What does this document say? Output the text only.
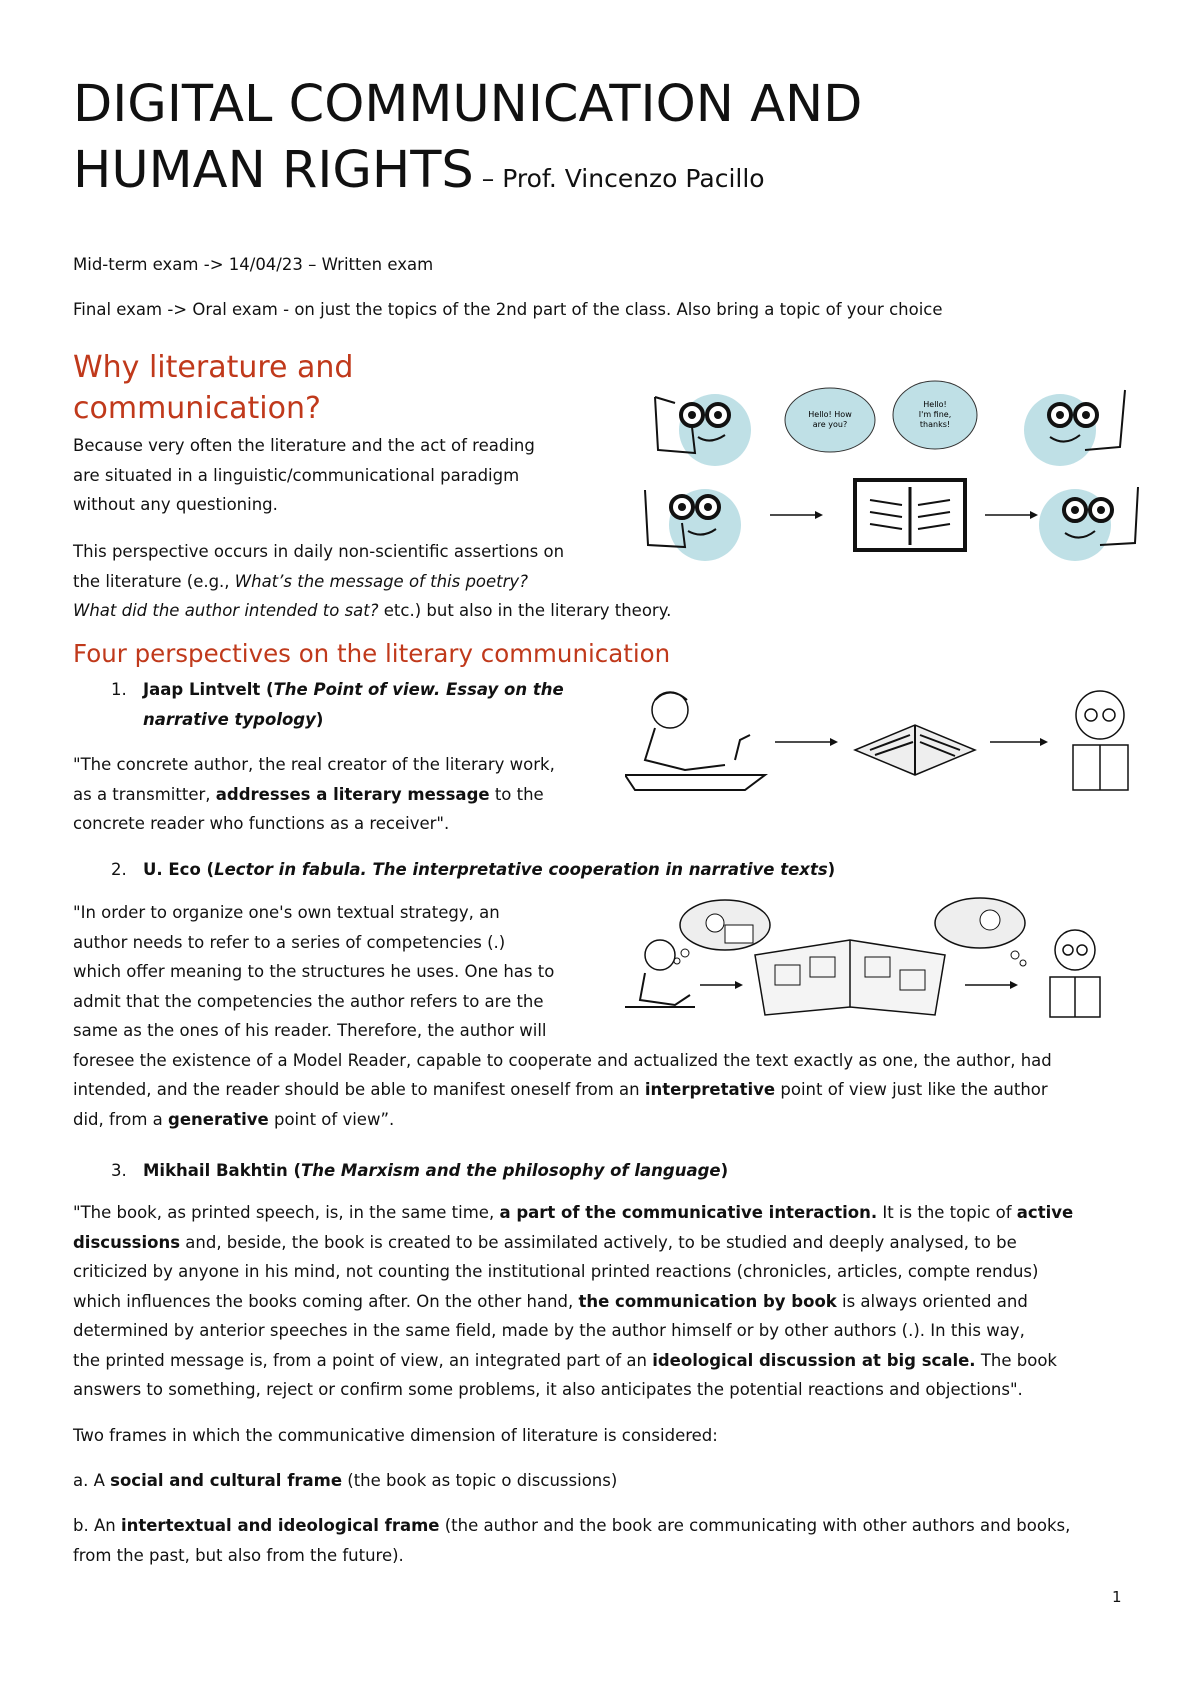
DIGITAL COMMUNICATION AND
HUMAN RIGHTS – Prof. Vincenzo Pacillo
Mid-term exam -> 14/04/23 – Written exam
Final exam -> Oral exam - on just the topics of the 2nd part of the class. Also bring a topic of your choice
Why literature and
communication?
Because very often the literature and the act of reading
are situated in a linguistic/communicational paradigm
without any questioning.
This perspective occurs in daily non-scientific assertions on
the literature (e.g., What’s the message of this poetry?
What did the author intended to sat? etc.) but also in the literary theory.
Hello! How
are you?
Hello!
I'm fine,
thanks!
Four perspectives on the literary communication
1. Jaap Lintvelt (The Point of view. Essay on the
narrative typology)
"The concrete author, the real creator of the literary work,
as a transmitter, addresses a literary message to the
concrete reader who functions as a receiver".
2. U. Eco (Lector in fabula. The interpretative cooperation in narrative texts)
"In order to organize one's own textual strategy, an
author needs to refer to a series of competencies (.)
which offer meaning to the structures he uses. One has to
admit that the competencies the author refers to are the
same as the ones of his reader. Therefore, the author will
foresee the existence of a Model Reader, capable to cooperate and actualized the text exactly as one, the author, had
intended, and the reader should be able to manifest oneself from an interpretative point of view just like the author
did, from a generative point of view”.
3. Mikhail Bakhtin (The Marxism and the philosophy of language)
"The book, as printed speech, is, in the same time, a part of the communicative interaction. It is the topic of active
discussions and, beside, the book is created to be assimilated actively, to be studied and deeply analysed, to be
criticized by anyone in his mind, not counting the institutional printed reactions (chronicles, articles, compte rendus)
which influences the books coming after. On the other hand, the communication by book is always oriented and
determined by anterior speeches in the same field, made by the author himself or by other authors (.). In this way,
the printed message is, from a point of view, an integrated part of an ideological discussion at big scale. The book
answers to something, reject or confirm some problems, it also anticipates the potential reactions and objections".
Two frames in which the communicative dimension of literature is considered:
a. A social and cultural frame (the book as topic o discussions)
b. An intertextual and ideological frame (the author and the book are communicating with other authors and books,
from the past, but also from the future).
1
